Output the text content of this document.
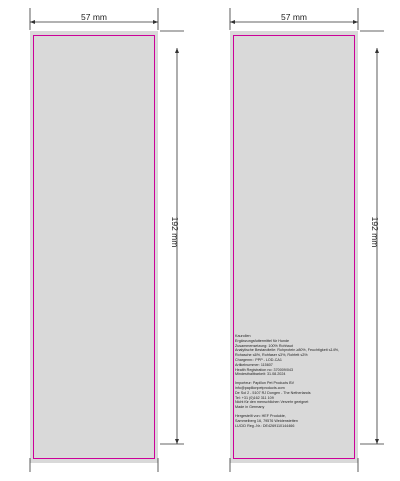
57 mm	57 mm
192 mm	192 mm
Kaurollen
Ergänzungsfuttermittel für Hunde
Zusammensetzung: 100% Rohhaut
Analytische Bestandteile: Rohprotein ≥80%, Feuchtigkeit ≤14%,
Rohasche ≤6%, Rohfaser ≤3%, Rohfett ≤3%
Chargennr.: PPP - LOD-CA1
Artikelnummer: 115607
Health Registration no: 370009/043
Mindesthaltbarkeit: 31.08.2024
Importeur: Papillon Pet Products BV
info@papillonpetproducts.com
De Sol 2 - 5107 RJ Dongen - The Netherlands
Tel: +31 (0)162 311 109
Nicht für den menschlichen Verzehr geeignet
Made in Germany
Hergestellt von: HEF Produkte,
Sammelberg 16, 79576 Weidenstetten
LUCID Reg.-Nr.: DE4269110144466
